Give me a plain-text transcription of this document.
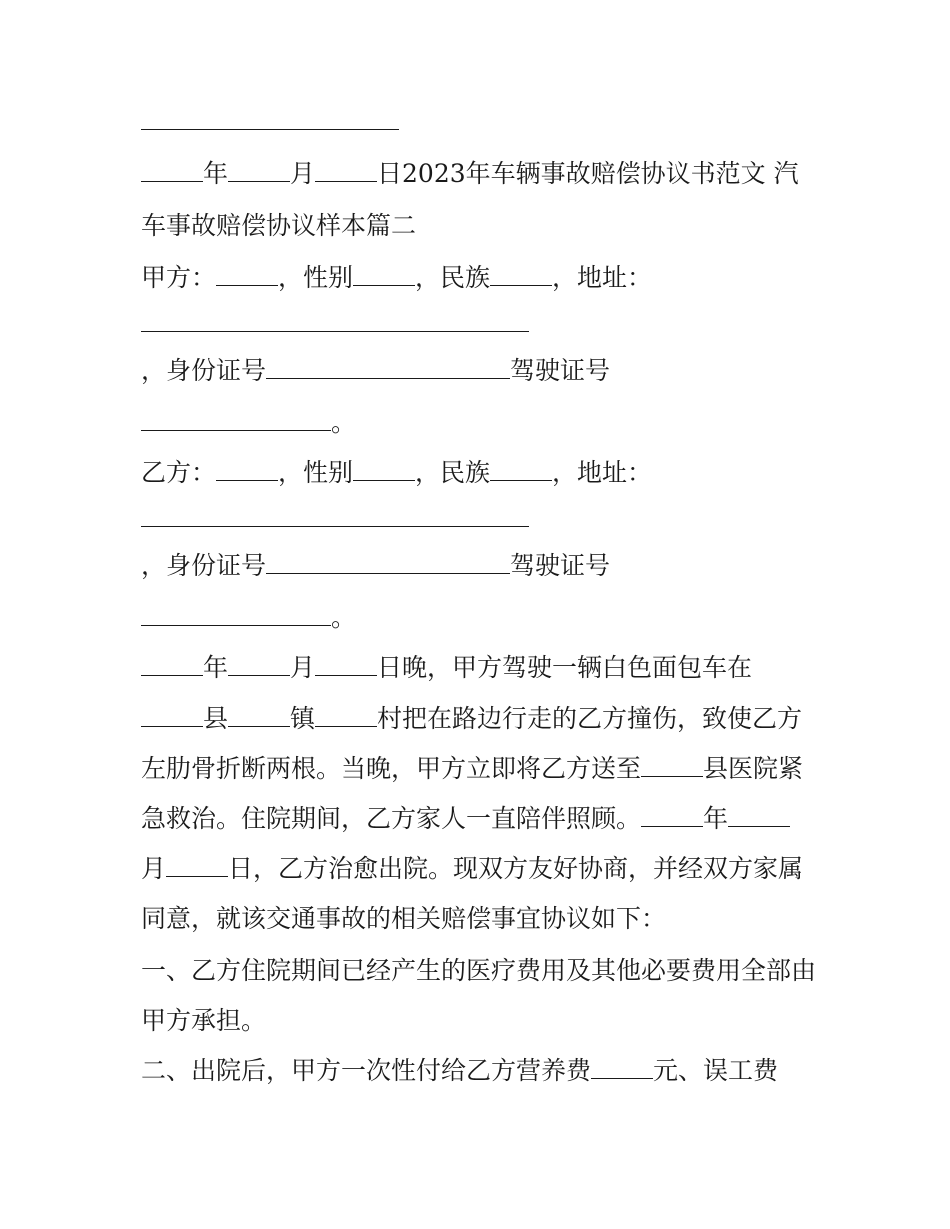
年 月 日2023年车辆事故赔偿协议书范文 汽
车事故赔偿协议样本篇二
甲方： ，性别 ，民族 ，地址：
，身份证号	驾驶证号
。
乙方： ，性别 ，民族 ，地址：
，身份证号	驾驶证号
。
年 月 日晚，甲方驾驶一辆白色面包车在
县 镇 村把在路边行走的乙方撞伤，致使乙方
左肋骨折断两根。当晚，甲方立即将乙方送至 县医院紧
急救治。住院期间，乙方家人一直陪伴照顾。 年
月 日，乙方治愈出院。现双方友好协商，并经双方家属
同意，就该交通事故的相关赔偿事宜协议如下：
一、乙方住院期间已经产生的医疗费用及其他必要费用全部由
甲方承担。
二、出院后，甲方一次性付给乙方营养费 元、误工费
